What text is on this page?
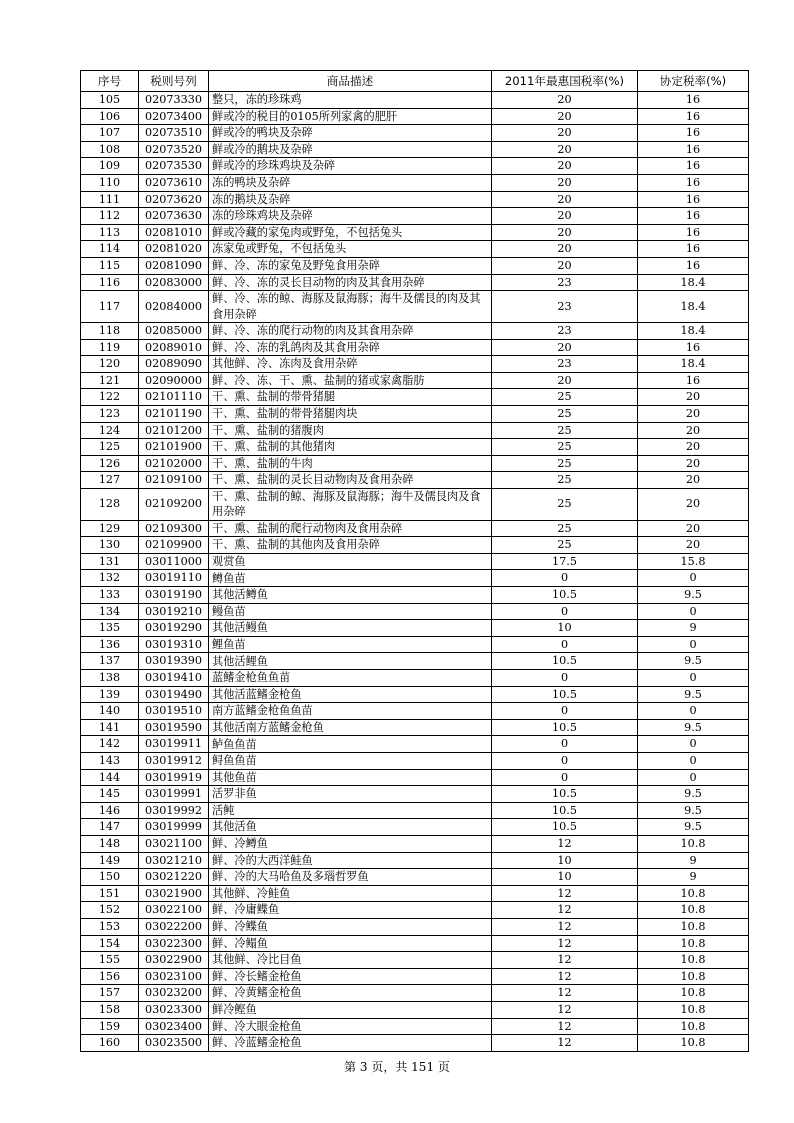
序号	税则号列	商品描述	2011年最惠国税率(%)	协定税率(%)
105	02073330	整只，冻的珍珠鸡	20	16
106	02073400	鲜或冷的税目的0105所列家禽的肥肝	20	16
107	02073510	鲜或冷的鸭块及杂碎	20	16
108	02073520	鲜或冷的鹅块及杂碎	20	16
109	02073530	鲜或冷的珍珠鸡块及杂碎	20	16
110	02073610	冻的鸭块及杂碎	20	16
111	02073620	冻的鹅块及杂碎	20	16
112	02073630	冻的珍珠鸡块及杂碎	20	16
113	02081010	鲜或冷藏的家兔肉或野兔，不包括兔头	20	16
114	02081020	冻家兔或野兔，不包括兔头	20	16
115	02081090	鲜、冷、冻的家兔及野兔食用杂碎	20	16
116	02083000	鲜、冷、冻的灵长目动物的肉及其食用杂碎	23	18.4
117	02084000	鲜、冷、冻的鲸、海豚及鼠海豚；海牛及儒艮的肉及其食用杂碎	23	18.4
118	02085000	鲜、冷、冻的爬行动物的肉及其食用杂碎	23	18.4
119	02089010	鲜、冷、冻的乳鸽肉及其食用杂碎	20	16
120	02089090	其他鲜、冷、冻肉及食用杂碎	23	18.4
121	02090000	鲜、冷、冻、干、熏、盐制的猪或家禽脂肪	20	16
122	02101110	干、熏、盐制的带骨猪腿	25	20
123	02101190	干、熏、盐制的带骨猪腿肉块	25	20
124	02101200	干、熏、盐制的猪腹肉	25	20
125	02101900	干、熏、盐制的其他猪肉	25	20
126	02102000	干、熏、盐制的牛肉	25	20
127	02109100	干、熏、盐制的灵长目动物肉及食用杂碎	25	20
128	02109200	干、熏、盐制的鲸、海豚及鼠海豚；海牛及儒艮肉及食用杂碎	25	20
129	02109300	干、熏、盐制的爬行动物肉及食用杂碎	25	20
130	02109900	干、熏、盐制的其他肉及食用杂碎	25	20
131	03011000	观赏鱼	17.5	15.8
132	03019110	鳟鱼苗	0	0
133	03019190	其他活鳟鱼	10.5	9.5
134	03019210	鳗鱼苗	0	0
135	03019290	其他活鳗鱼	10	9
136	03019310	鲤鱼苗	0	0
137	03019390	其他活鲤鱼	10.5	9.5
138	03019410	蓝鳍金枪鱼鱼苗	0	0
139	03019490	其他活蓝鳍金枪鱼	10.5	9.5
140	03019510	南方蓝鳍金枪鱼鱼苗	0	0
141	03019590	其他活南方蓝鳍金枪鱼	10.5	9.5
142	03019911	鲈鱼鱼苗	0	0
143	03019912	鲟鱼鱼苗	0	0
144	03019919	其他鱼苗	0	0
145	03019991	活罗非鱼	10.5	9.5
146	03019992	活鲀	10.5	9.5
147	03019999	其他活鱼	10.5	9.5
148	03021100	鲜、冷鳟鱼	12	10.8
149	03021210	鲜、冷的大西洋鲑鱼	10	9
150	03021220	鲜、冷的大马哈鱼及多瑙哲罗鱼	10	9
151	03021900	其他鲜、冷鲑鱼	12	10.8
152	03022100	鲜、冷庸鲽鱼	12	10.8
153	03022200	鲜、冷鲽鱼	12	10.8
154	03022300	鲜、冷鳎鱼	12	10.8
155	03022900	其他鲜、冷比目鱼	12	10.8
156	03023100	鲜、冷长鳍金枪鱼	12	10.8
157	03023200	鲜、冷黄鳍金枪鱼	12	10.8
158	03023300	鲜冷鲣鱼	12	10.8
159	03023400	鲜、冷大眼金枪鱼	12	10.8
160	03023500	鲜、冷蓝鳍金枪鱼	12	10.8
第 3 页，共 151 页
